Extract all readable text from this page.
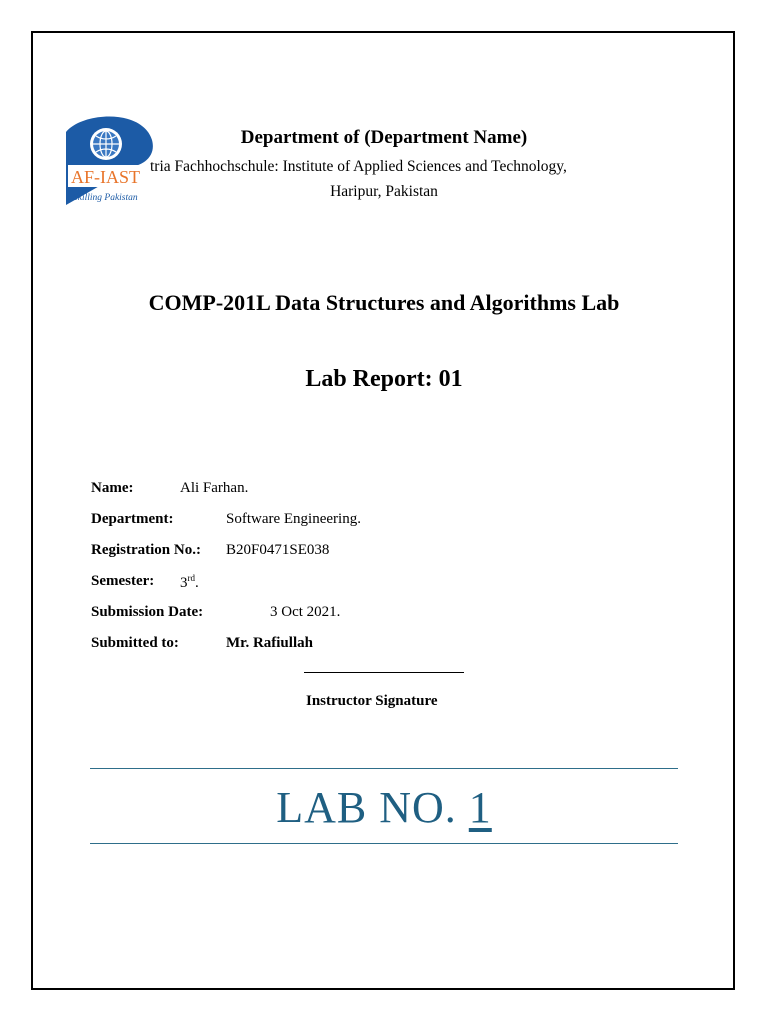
AF-IAST
Skilling Pakistan
Department of (Department Name)
tria Fachhochschule: Institute of Applied Sciences and Technology,
Haripur, Pakistan
COMP-201L Data Structures and Algorithms Lab
Lab Report: 01
Name:	Ali Farhan.
Department:	Software Engineering.
Registration No.: B20F0471SE038
Semester: 3rd.
Submission Date:	3 Oct 2021.
Submitted to:	Mr. Rafiullah
Instructor Signature
LAB NO. 1
